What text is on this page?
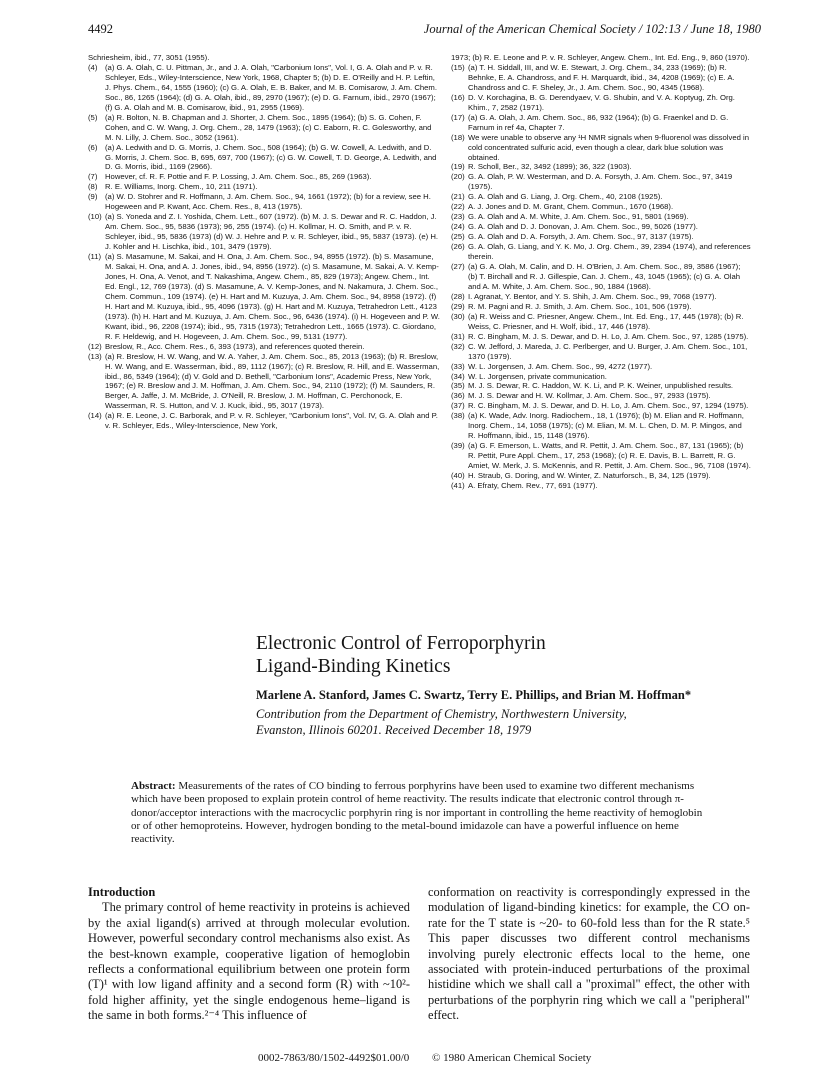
4492	Journal of the American Chemical Society / 102:13 / June 18, 1980
Schriesheim, ibid., 77, 3051 (1955).
(4) (a) G. A. Olah, C. U. Pittman, Jr., and J. A. Olah, "Carbonium Ions", Vol. I, G. A. Olah and P. v. R. Schleyer, Eds., Wiley-Interscience, New York, 1968, Chapter 5; (b) D. E. O'Reilly and H. P. Leftin, J. Phys. Chem., 64, 1555 (1960); (c) G. A. Olah, E. B. Baker, and M. B. Comisarow, J. Am. Chem. Soc., 86, 1265 (1964); (d) G. A. Olah, ibid., 89, 2970 (1967); (e) D. G. Farnum, ibid., 2970 (1967); (f) G. A. Olah and M. B. Comisarow, ibid., 91, 2955 (1969).
(5) (a) R. Bolton, N. B. Chapman and J. Shorter, J. Chem. Soc., 1895 (1964); (b) S. G. Cohen, F. Cohen, and C. W. Wang, J. Org. Chem., 28, 1479 (1963); (c) C. Eaborn, R. C. Golesworthy, and M. N. Lilly, J. Chem. Soc., 3052 (1961).
(6) (a) A. Ledwith and D. G. Morris, J. Chem. Soc., 508 (1964); (b) G. W. Cowell, A. Ledwith, and D. G. Morris, J. Chem. Soc. B, 695, 697, 700 (1967); (c) G. W. Cowell, T. D. George, A. Ledwith, and D. G. Morris, ibid., 1169 (2966).
(7) However, cf. R. F. Pottie and F. P. Lossing, J. Am. Chem. Soc., 85, 269 (1963).
(8) R. E. Williams, Inorg. Chem., 10, 211 (1971).
(9) (a) W. D. Stohrer and R. Hoffmann, J. Am. Chem. Soc., 94, 1661 (1972); (b) for a review, see H. Hogeween and P. Kwant, Acc. Chem. Res., 8, 413 (1975).
(10) (a) S. Yoneda and Z. I. Yoshida, Chem. Lett., 607 (1972). (b) M. J. S. Dewar and R. C. Haddon, J. Am. Chem. Soc., 95, 5836 (1973); 96, 255 (1974). (c) H. Kollmar, H. O. Smith, and P. v. R. Schleyer, ibid., 95, 5836 (1973) (d) W. J. Hehre and P. v. R. Schleyer, ibid., 95, 5837 (1973). (e) H. J. Kohler and H. Lischka, ibid., 101, 3479 (1979).
(11) (a) S. Masamune, M. Sakai, and H. Ona, J. Am. Chem. Soc., 94, 8955 (1972). (b) S. Masamune, M. Sakai, H. Ona, and A. J. Jones, ibid., 94, 8956 (1972). (c) S. Masamune, M. Sakai, A. V. Kemp-Jones, H. Ona, A. Venot, and T. Nakashima, Angew. Chem., 85, 829 (1973); Angew. Chem., Int. Ed. Engl., 12, 769 (1973). (d) S. Masamune, A. V. Kemp-Jones, and N. Nakamura, J. Chem. Soc., Chem. Commun., 109 (1974). (e) H. Hart and M. Kuzuya, J. Am. Chem. Soc., 94, 8958 (1972). (f) H. Hart and M. Kuzuya, ibid., 95, 4096 (1973). (g) H. Hart and M. Kuzuya, Tetrahedron Lett., 4123 (1973). (h) H. Hart and M. Kuzuya, J. Am. Chem. Soc., 96, 6436 (1974). (i) H. Hogeveen and P. W. Kwant, ibid., 96, 2208 (1974); ibid., 95, 7315 (1973); Tetrahedron Lett., 1665 (1973). C. Giordano, R. F. Heldewig, and H. Hogeveen, J. Am. Chem. Soc., 99, 5131 (1977).
(12) Breslow, R., Acc. Chem. Res., 6, 393 (1973), and references quoted therein.
(13) (a) R. Breslow, H. W. Wang, and W. A. Yaher, J. Am. Chem. Soc., 85, 2013 (1963); (b) R. Breslow, H. W. Wang, and E. Wasserman, ibid., 89, 1112 (1967); (c) R. Breslow, R. Hill, and E. Wasserman, ibid., 86, 5349 (1964); (d) V. Gold and D. Bethell, "Carbonium Ions", Academic Press, New York, 1967; (e) R. Breslow and J. M. Hoffman, J. Am. Chem. Soc., 94, 2110 (1972); (f) M. Saunders, R. Berger, A. Jaffe, J. M. McBride, J. O'Neill, R. Breslow, J. M. Hoffman, C. Perchonock, E. Wasserman, R. S. Hutton, and V. J. Kuck, ibid., 95, 3017 (1973).
(14) (a) R. E. Leone, J. C. Barborak, and P. v. R. Schleyer, "Carbonium Ions", Vol. IV, G. A. Olah and P. v. R. Schleyer, Eds., Wiley-Interscience, New York,
1973; (b) R. E. Leone and P. v. R. Schleyer, Angew. Chem., Int. Ed. Eng., 9, 860 (1970).
(15) (a) T. H. Siddall, III, and W. E. Stewart, J. Org. Chem., 34, 233 (1969); (b) R. Behnke, E. A. Chandross, and F. H. Marquardt, ibid., 34, 4208 (1969); (c) E. A. Chandross and C. F. Sheley, Jr., J. Am. Chem. Soc., 90, 4345 (1968).
(16) D. V. Korchagina, B. G. Derendyaev, V. G. Shubin, and V. A. Koptyug, Zh. Org. Khim., 7, 2582 (1971).
(17) (a) G. A. Olah, J. Am. Chem. Soc., 86, 932 (1964); (b) G. Fraenkel and D. G. Farnum in ref 4a, Chapter 7.
(18) We were unable to observe any ¹H NMR signals when 9-fluorenol was dissolved in cold concentrated sulfuric acid, even though a clear, dark blue solution was obtained.
(19) R. Scholl, Ber., 32, 3492 (1899); 36, 322 (1903).
(20) G. A. Olah, P. W. Westerman, and D. A. Forsyth, J. Am. Chem. Soc., 97, 3419 (1975).
(21) G. A. Olah and G. Liang, J. Org. Chem., 40, 2108 (1925).
(22) A. J. Jones and D. M. Grant, Chem. Commun., 1670 (1968).
(23) G. A. Olah and A. M. White, J. Am. Chem. Soc., 91, 5801 (1969).
(24) G. A. Olah and D. J. Donovan, J. Am. Chem. Soc., 99, 5026 (1977).
(25) G. A. Olah and D. A. Forsyth, J. Am. Chem. Soc., 97, 3137 (1975).
(26) G. A. Olah, G. Liang, and Y. K. Mo, J. Org. Chem., 39, 2394 (1974), and references therein.
(27) (a) G. A. Olah, M. Calin, and D. H. O'Brien, J. Am. Chem. Soc., 89, 3586 (1967); (b) T. Birchall and R. J. Gillespie, Can. J. Chem., 43, 1045 (1965); (c) G. A. Olah and A. M. White, J. Am. Chem. Soc., 90, 1884 (1968).
(28) I. Agranat, Y. Bentor, and Y. S. Shih, J. Am. Chem. Soc., 99, 7068 (1977).
(29) R. M. Pagni and R. J. Smith, J. Am. Chem. Soc., 101, 506 (1979).
(30) (a) R. Weiss and C. Priesner, Angew. Chem., Int. Ed. Eng., 17, 445 (1978); (b) R. Weiss, C. Priesner, and H. Wolf, ibid., 17, 446 (1978).
(31) R. C. Bingham, M. J. S. Dewar, and D. H. Lo, J. Am. Chem. Soc., 97, 1285 (1975).
(32) C. W. Jefford, J. Mareda, J. C. Perlberger, and U. Burger, J. Am. Chem. Soc., 101, 1370 (1979).
(33) W. L. Jorgensen, J. Am. Chem. Soc., 99, 4272 (1977).
(34) W. L. Jorgensen, private communication.
(35) M. J. S. Dewar, R. C. Haddon, W. K. Li, and P. K. Weiner, unpublished results.
(36) M. J. S. Dewar and H. W. Kollmar, J. Am. Chem. Soc., 97, 2933 (1975).
(37) R. C. Bingham, M. J. S. Dewar, and D. H. Lo, J. Am. Chem. Soc., 97, 1294 (1975).
(38) (a) K. Wade, Adv. Inorg. Radiochem., 18, 1 (1976); (b) M. Elian and R. Hoffmann, Inorg. Chem., 14, 1058 (1975); (c) M. Elian, M. M. L. Chen, D. M. P. Mingos, and R. Hoffmann, ibid., 15, 1148 (1976).
(39) (a) G. F. Emerson, L. Watts, and R. Pettit, J. Am. Chem. Soc., 87, 131 (1965); (b) R. Pettit, Pure Appl. Chem., 17, 253 (1968); (c) R. E. Davis, B. L. Barrett, R. G. Amiet, W. Merk, J. S. McKennis, and R. Pettit, J. Am. Chem. Soc., 96, 7108 (1974).
(40) H. Straub, G. Doring, and W. Winter, Z. Naturforsch., B, 34, 125 (1979).
(41) A. Efraty, Chem. Rev., 77, 691 (1977).
Electronic Control of Ferroporphyrin
Ligand-Binding Kinetics
Marlene A. Stanford, James C. Swartz, Terry E. Phillips, and Brian M. Hoffman*
Contribution from the Department of Chemistry, Northwestern University,
Evanston, Illinois 60201. Received December 18, 1979
Abstract: Measurements of the rates of CO binding to ferrous porphyrins have been used to examine two different mechanisms which have been proposed to explain protein control of heme reactivity. The results indicate that electronic control through π-donor/acceptor interactions with the macrocyclic porphyrin ring is nor important in controlling the heme reactivity of hemoglobin or of other hemoproteins. However, hydrogen bonding to the metal-bound imidazole can have a powerful influence on heme reactivity.
Introduction

The primary control of heme reactivity in proteins is achieved by the axial ligand(s) arrived at through molecular evolution. However, powerful secondary control mechanisms also exist. As the best-known example, cooperative ligation of hemoglobin reflects a conformational equilibrium between one protein form (T)¹ with low ligand affinity and a second form (R) with ~10²-fold higher affinity, yet the single endogenous heme–ligand is the same in both forms.²⁻⁴ This influence of

conformation on reactivity is correspondingly expressed in the modulation of ligand-binding kinetics: for example, the CO on-rate for the T state is ~20- to 60-fold less than for the R state.⁵ This paper discusses two different control mechanisms involving purely electronic effects local to the heme, one associated with protein-induced perturbations of the proximal histidine which we shall call a "proximal" effect, the other with perturbations of the porphyrin ring which we call a "peripheral" effect.

0002-7863/80/1502-4492$01.00/0 © 1980 American Chemical Society
